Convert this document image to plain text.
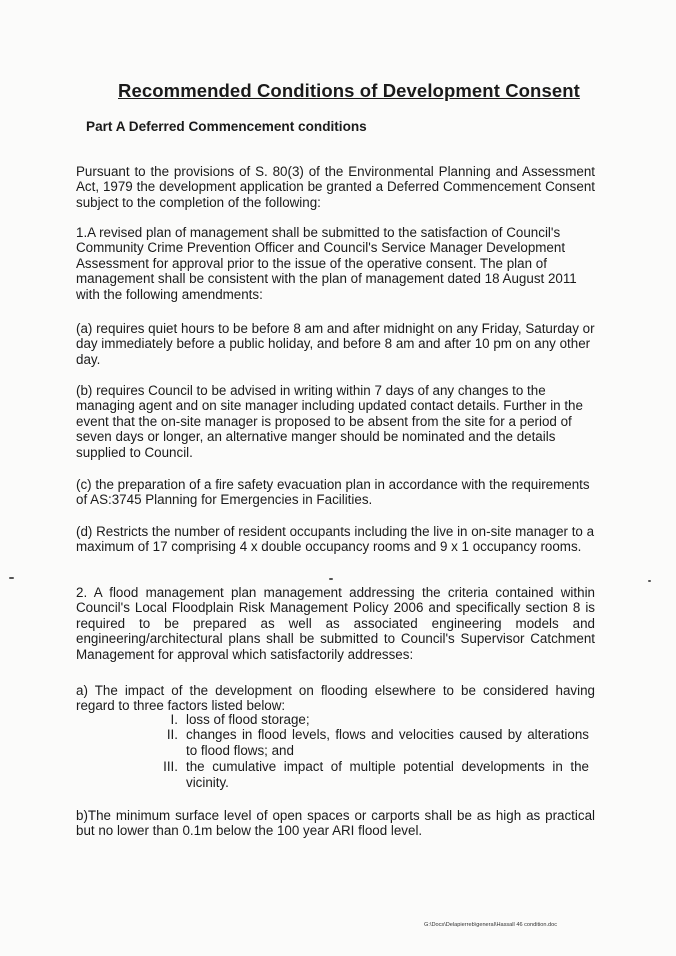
Recommended Conditions of Development Consent
Part A Deferred Commencement conditions

Pursuant to the provisions of S. 80(3) of the Environmental Planning and Assessment Act, 1979 the development application be granted a Deferred Commencement Consent subject to the completion of the following:

1.A revised plan of management shall be submitted to the satisfaction of Council's Community Crime Prevention Officer and Council's Service Manager Development Assessment for approval prior to the issue of the operative consent. The plan of management shall be consistent with the plan of management dated 18 August 2011 with the following amendments:

(a) requires quiet hours to be before 8 am and after midnight on any Friday, Saturday or day immediately before a public holiday, and before 8 am and after 10 pm on any other day.

(b) requires Council to be advised in writing within 7 days of any changes to the managing agent and on site manager including updated contact details. Further in the event that the on-site manager is proposed to be absent from the site for a period of seven days or longer, an alternative manger should be nominated and the details supplied to Council.

(c) the preparation of a fire safety evacuation plan in accordance with the requirements of AS:3745 Planning for Emergencies in Facilities.

(d) Restricts the number of resident occupants including the live in on-site manager to a maximum of 17 comprising 4 x double occupancy rooms and 9 x 1 occupancy rooms.

2. A flood management plan management addressing the criteria contained within Council's Local Floodplain Risk Management Policy 2006 and specifically section 8 is required to be prepared as well as associated engineering models and engineering/architectural plans shall be submitted to Council's Supervisor Catchment Management for approval which satisfactorily addresses:

a) The impact of the development on flooding elsewhere to be considered having regard to three factors listed below:

I. loss of flood storage;
II. changes in flood levels, flows and velocities caused by alterations to flood flows; and
III. the cumulative impact of multiple potential developments in the vicinity.

b)The minimum surface level of open spaces or carports shall be as high as practical but no lower than 0.1m below the 100 year ARI flood level.

G:\Docs\Delapierreb\general\Hassall 46 condition.doc
